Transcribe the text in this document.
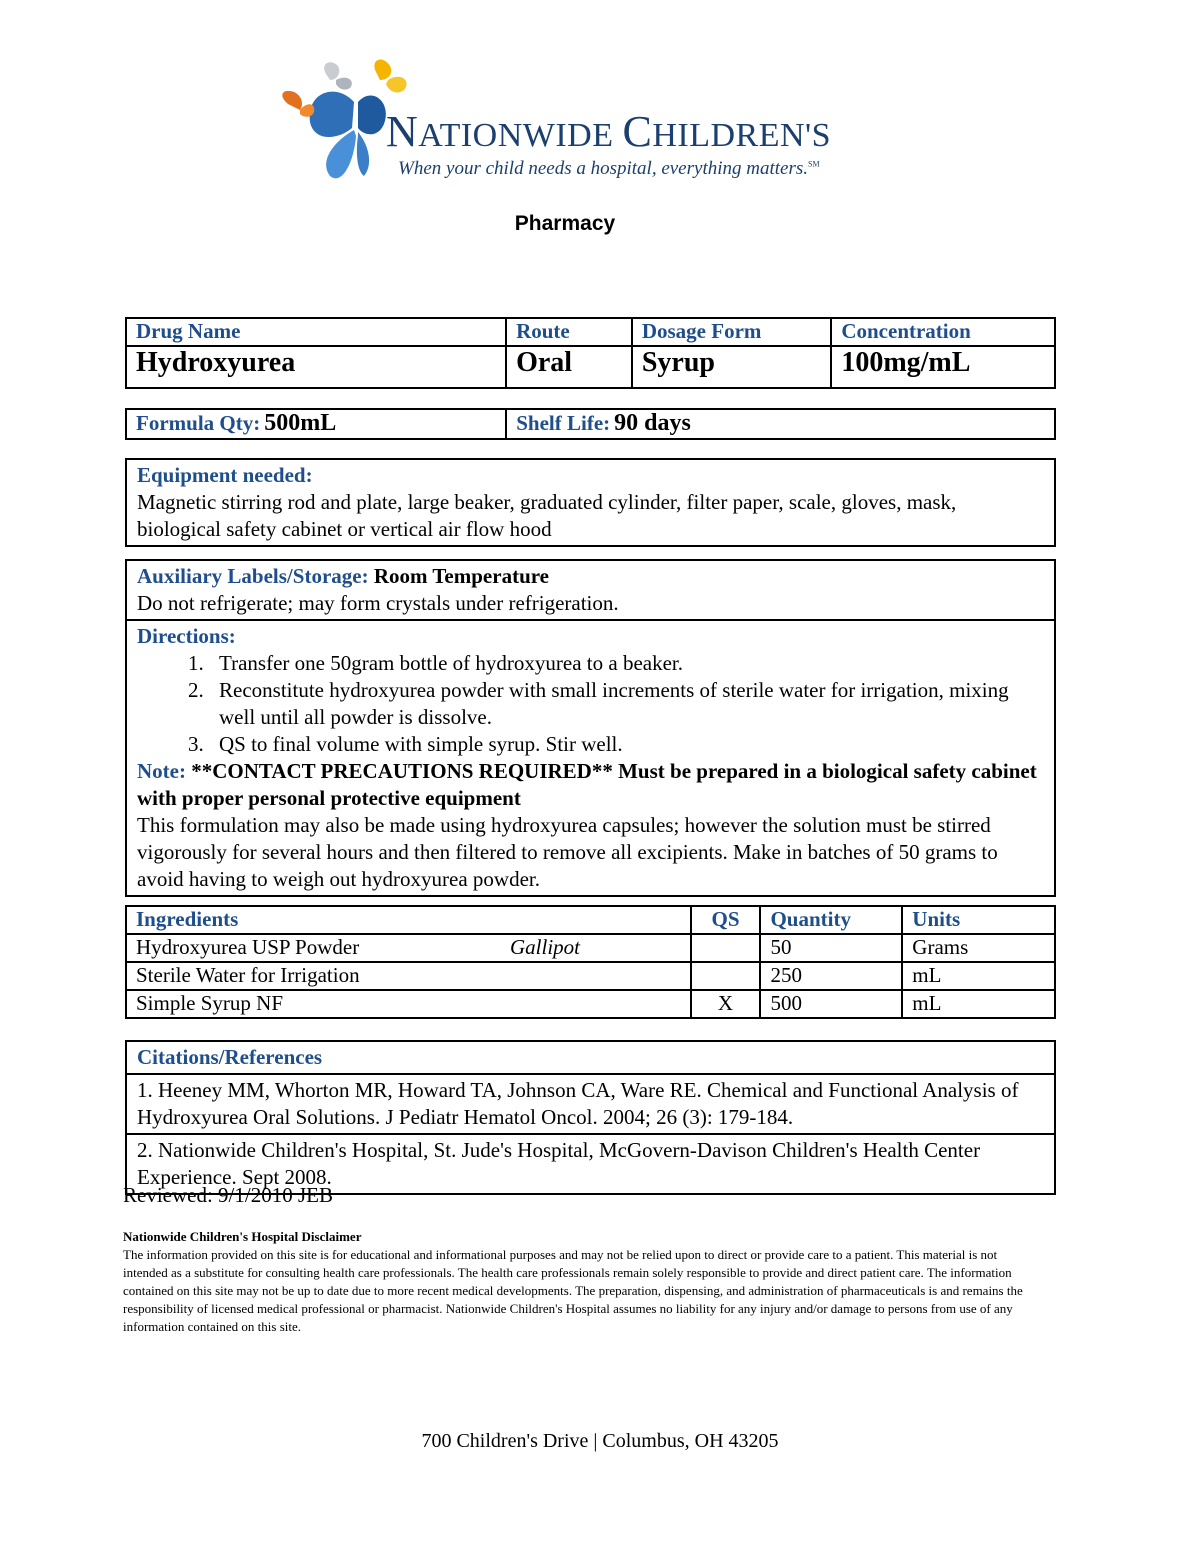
NATIONWIDE CHILDREN'S
When your child needs a hospital, everything matters.℠
Pharmacy
Drug Name	Route	Dosage Form	Concentration
Hydroxyurea	Oral	Syrup	100mg/mL
Formula Qty: 500mL	Shelf Life: 90 days
Equipment needed:
Magnetic stirring rod and plate, large beaker, graduated cylinder, filter paper, scale, gloves, mask, biological safety cabinet or vertical air flow hood
Auxiliary Labels/Storage: Room Temperature
Do not refrigerate; may form crystals under refrigeration.
Directions:
1. Transfer one 50gram bottle of hydroxyurea to a beaker.
2. Reconstitute hydroxyurea powder with small increments of sterile water for irrigation, mixing well until all powder is dissolve.
3. QS to final volume with simple syrup. Stir well.
Note: **CONTACT PRECAUTIONS REQUIRED** Must be prepared in a biological safety cabinet with proper personal protective equipment
This formulation may also be made using hydroxyurea capsules; however the solution must be stirred vigorously for several hours and then filtered to remove all excipients. Make in batches of 50 grams to avoid having to weigh out hydroxyurea powder.
Ingredients		QS	Quantity	Units
Hydroxyurea USP Powder	Gallipot		50	Grams
Sterile Water for Irrigation			250	mL
Simple Syrup NF		X	500	mL
Citations/References
1. Heeney MM, Whorton MR, Howard TA, Johnson CA, Ware RE. Chemical and Functional Analysis of Hydroxyurea Oral Solutions. J Pediatr Hematol Oncol. 2004; 26 (3): 179-184.
2. Nationwide Children's Hospital, St. Jude's Hospital, McGovern-Davison Children's Health Center Experience. Sept 2008.
Reviewed: 9/1/2010 JEB
Nationwide Children's Hospital Disclaimer
The information provided on this site is for educational and informational purposes and may not be relied upon to direct or provide care to a patient. This material is not intended as a substitute for consulting health care professionals. The health care professionals remain solely responsible to provide and direct patient care. The information contained on this site may not be up to date due to more recent medical developments. The preparation, dispensing, and administration of pharmaceuticals is and remains the responsibility of licensed medical professional or pharmacist. Nationwide Children's Hospital assumes no liability for any injury and/or damage to persons from use of any information contained on this site.
700 Children's Drive | Columbus, OH 43205
